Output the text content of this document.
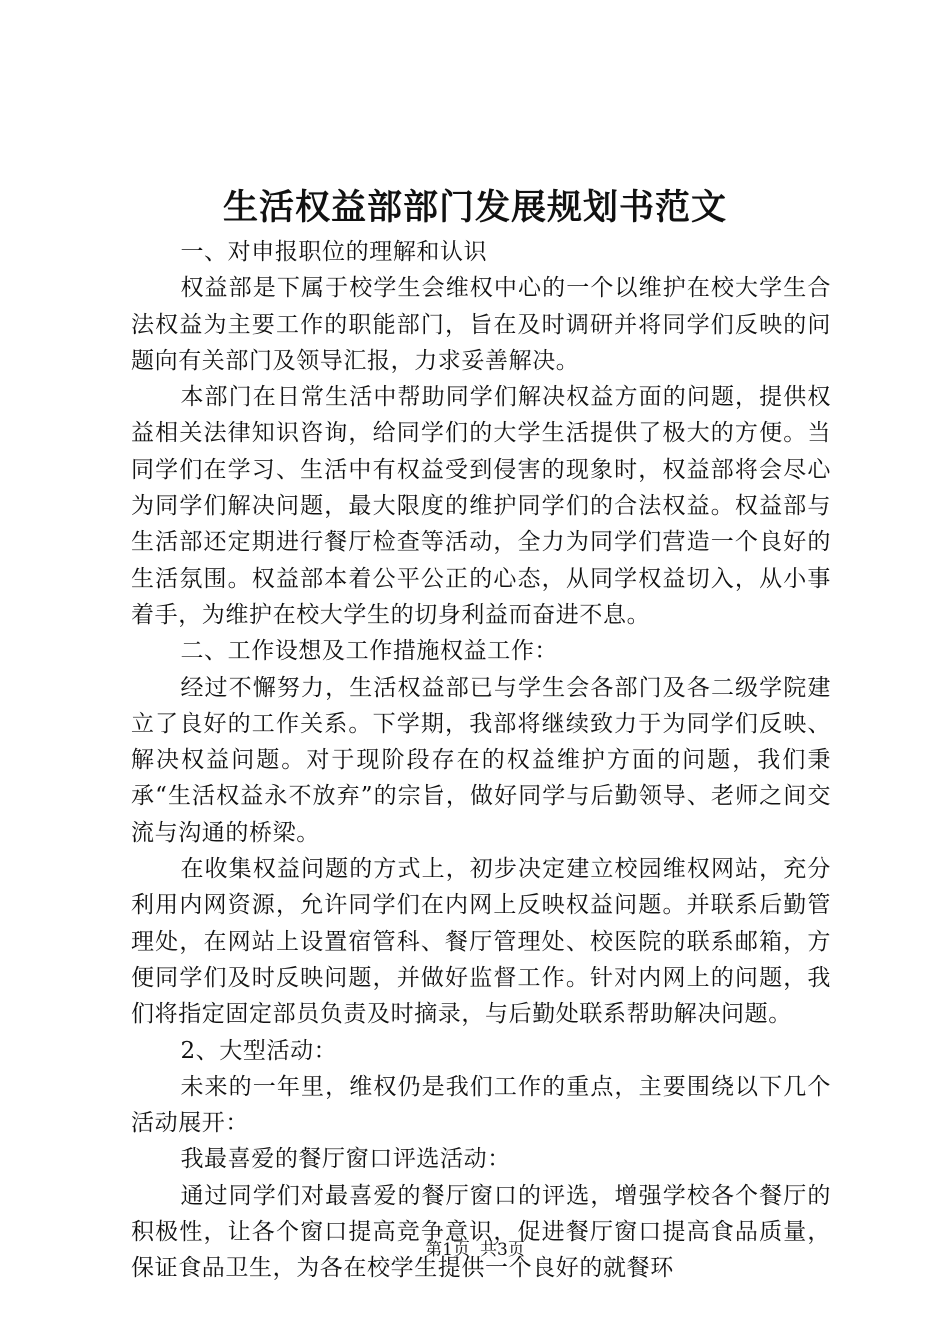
生活权益部部门发展规划书范文

一、对申报职位的理解和认识

权益部是下属于校学生会维权中心的一个以维护在校大学生合法权益为主要工作的职能部门，旨在及时调研并将同学们反映的问题向有关部门及领导汇报，力求妥善解决。

本部门在日常生活中帮助同学们解决权益方面的问题，提供权益相关法律知识咨询，给同学们的大学生活提供了极大的方便。当同学们在学习、生活中有权益受到侵害的现象时，权益部将会尽心为同学们解决问题，最大限度的维护同学们的合法权益。权益部与生活部还定期进行餐厅检查等活动，全力为同学们营造一个良好的生活氛围。权益部本着公平公正的心态，从同学权益切入，从小事着手，为维护在校大学生的切身利益而奋进不息。

二、工作设想及工作措施权益工作：

经过不懈努力，生活权益部已与学生会各部门及各二级学院建立了良好的工作关系。下学期，我部将继续致力于为同学们反映、解决权益问题。对于现阶段存在的权益维护方面的问题，我们秉承“生活权益永不放弃”的宗旨，做好同学与后勤领导、老师之间交流与沟通的桥梁。

在收集权益问题的方式上，初步决定建立校园维权网站，充分利用内网资源，允许同学们在内网上反映权益问题。并联系后勤管理处，在网站上设置宿管科、餐厅管理处、校医院的联系邮箱，方便同学们及时反映问题，并做好监督工作。针对内网上的问题，我们将指定固定部员负责及时摘录，与后勤处联系帮助解决问题。

2、大型活动：

未来的一年里，维权仍是我们工作的重点，主要围绕以下几个活动展开：

我最喜爱的餐厅窗口评选活动：

通过同学们对最喜爱的餐厅窗口的评选，增强学校各个餐厅的积极性，让各个窗口提高竞争意识，促进餐厅窗口提高食品质量，保证食品卫生，为各在校学生提供一个良好的就餐环

第1页 共3页
